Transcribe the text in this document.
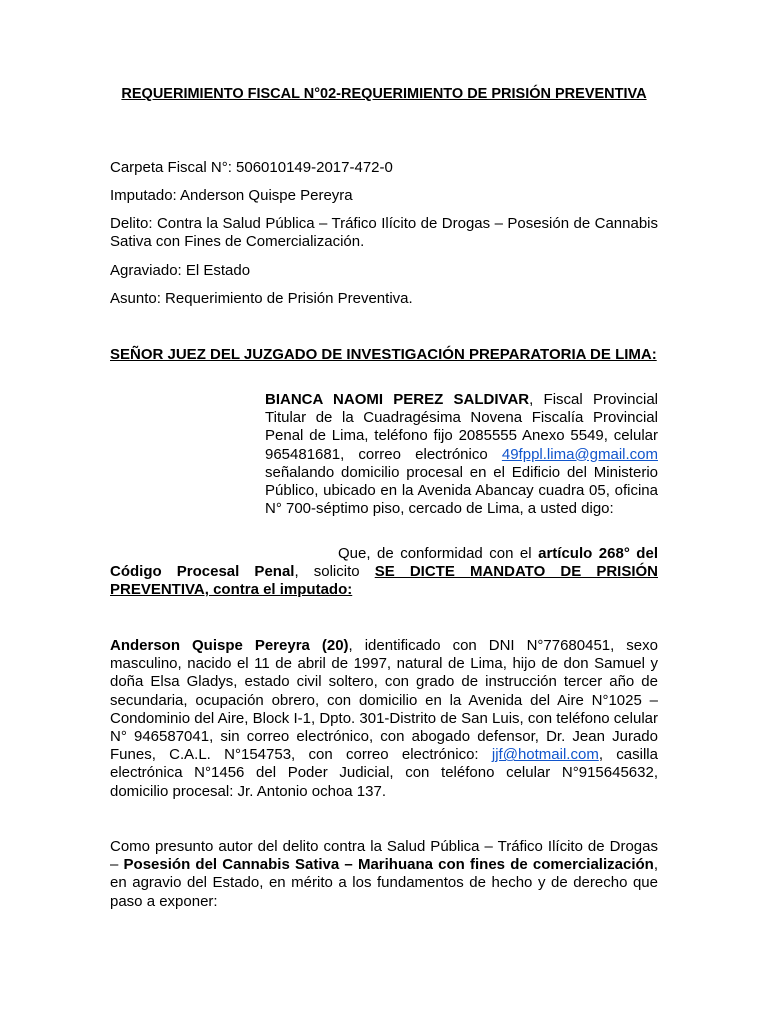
REQUERIMIENTO FISCAL N°02-REQUERIMIENTO DE PRISIÓN PREVENTIVA
Carpeta Fiscal N°: 506010149-2017-472-0
Imputado: Anderson Quispe Pereyra
Delito: Contra la Salud Pública – Tráfico Ilícito de Drogas – Posesión de Cannabis Sativa con Fines de Comercialización.
Agraviado: El Estado
Asunto: Requerimiento de Prisión Preventiva.
SEÑOR JUEZ DEL JUZGADO DE INVESTIGACIÓN PREPARATORIA DE LIMA:
BIANCA NAOMI PEREZ SALDIVAR, Fiscal Provincial Titular de la Cuadragésima Novena Fiscalía Provincial Penal de Lima, teléfono fijo 2085555 Anexo 5549, celular 965481681, correo electrónico 49fppl.lima@gmail.com señalando domicilio procesal en el Edificio del Ministerio Público, ubicado en la Avenida Abancay cuadra 05, oficina N° 700-séptimo piso, cercado de Lima, a usted digo:
Que, de conformidad con el artículo 268° del Código Procesal Penal, solicito SE DICTE MANDATO DE PRISIÓN PREVENTIVA, contra el imputado:
Anderson Quispe Pereyra (20), identificado con DNI N°77680451, sexo masculino, nacido el 11 de abril de 1997, natural de Lima, hijo de don Samuel y doña Elsa Gladys, estado civil soltero, con grado de instrucción tercer año de secundaria, ocupación obrero, con domicilio en la Avenida del Aire N°1025 – Condominio del Aire, Block I-1, Dpto. 301-Distrito de San Luis, con teléfono celular N° 946587041, sin correo electrónico, con abogado defensor, Dr. Jean Jurado Funes, C.A.L. N°154753, con correo electrónico: jjf@hotmail.com, casilla electrónica N°1456 del Poder Judicial, con teléfono celular N°915645632, domicilio procesal: Jr. Antonio ochoa 137.
Como presunto autor del delito contra la Salud Pública – Tráfico Ilícito de Drogas – Posesión del Cannabis Sativa – Marihuana con fines de comercialización, en agravio del Estado, en mérito a los fundamentos de hecho y de derecho que paso a exponer:
